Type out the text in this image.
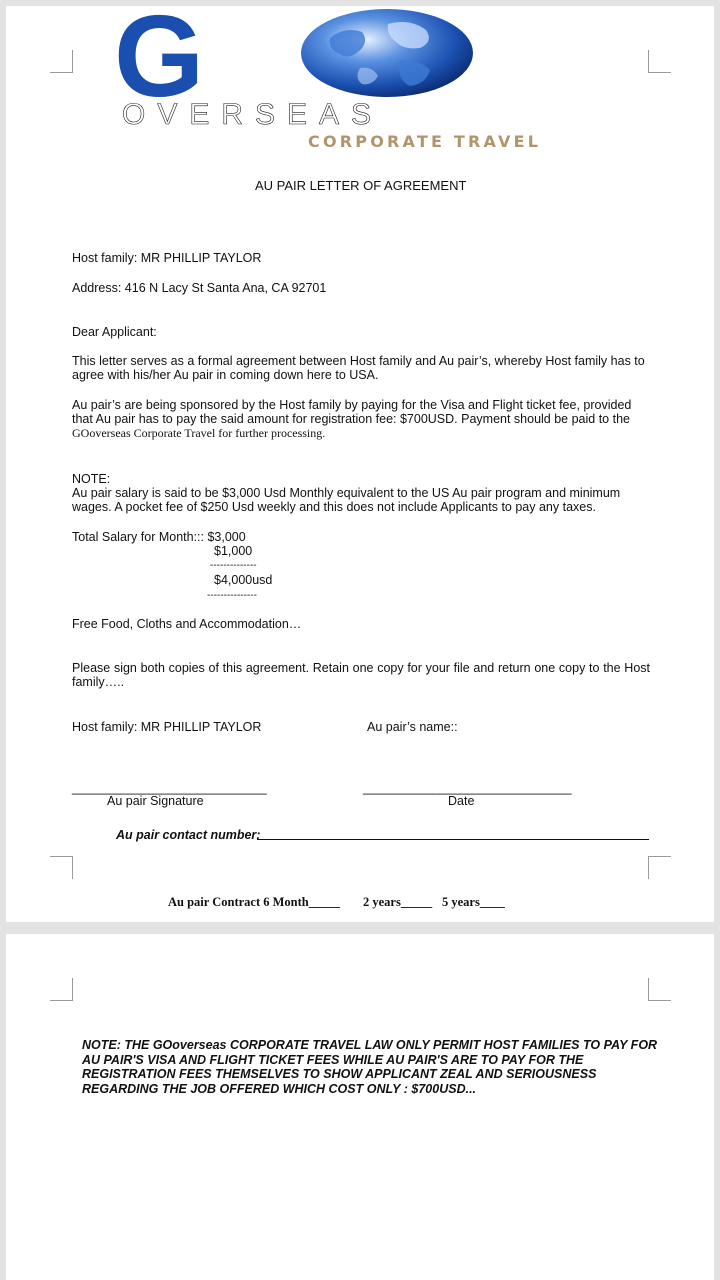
G
OVERSEAS
CORPORATE TRAVEL
AU PAIR LETTER OF AGREEMENT
Host family: MR PHILLIP TAYLOR
Address: 416 N Lacy St Santa Ana, CA 92701
Dear Applicant:
This letter serves as a formal agreement between Host family and Au pair’s, whereby Host family has to agree with his/her Au pair in coming down here to USA.
Au pair’s are being sponsored by the Host family by paying for the Visa and Flight ticket fee, provided that Au pair has to pay the said amount for registration fee: $700USD. Payment should be paid to the
GOoverseas Corporate Travel for further processing.
NOTE:
Au pair salary is said to be $3,000 Usd Monthly equivalent to the US Au pair program and minimum wages. A pocket fee of $250 Usd weekly and this does not include Applicants to pay any taxes.
Total Salary for Month::: $3,000
$1,000
--------------
$4,000usd
---------------
Free Food, Cloths and Accommodation…
Please sign both copies of this agreement. Retain one copy for your file and return one copy to the Host family…..
Host family: MR PHILLIP TAYLOR	Au pair’s name::
____________________________	______________________________
Au pair Signature	Date
Au pair contact number:
Au pair Contract 6 Month_____ 2 years_____ 5 years____
NOTE: THE GOoverseas CORPORATE TRAVEL LAW ONLY PERMIT HOST FAMILIES TO PAY FOR AU PAIR'S VISA AND FLIGHT TICKET FEES WHILE AU PAIR'S ARE TO PAY FOR THE REGISTRATION FEES THEMSELVES TO SHOW APPLICANT ZEAL AND SERIOUSNESS REGARDING THE JOB OFFERED WHICH COST ONLY : $700USD...
